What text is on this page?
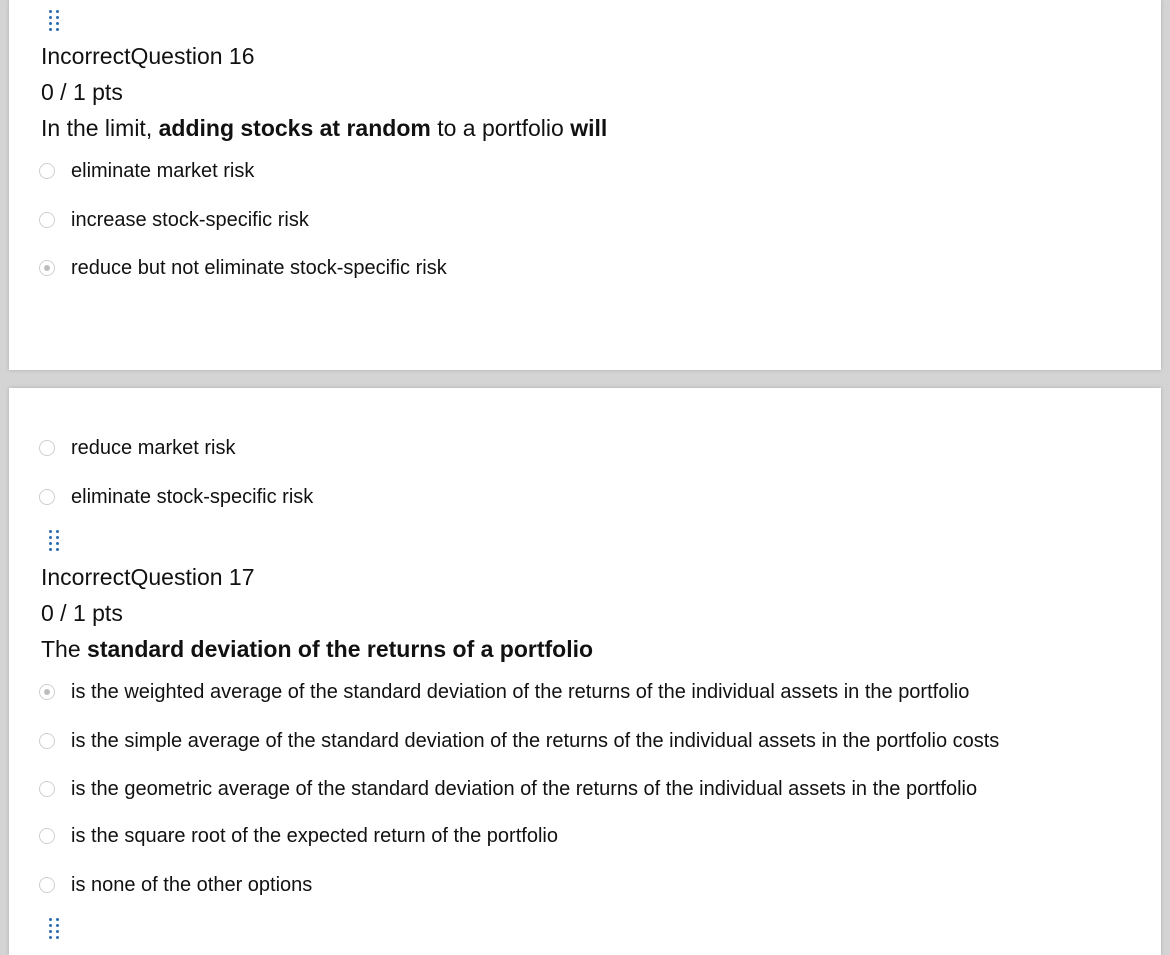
IncorrectQuestion 16
0 / 1 pts
In the limit, adding stocks at random to a portfolio will
eliminate market risk
increase stock-specific risk
reduce but not eliminate stock-specific risk
reduce market risk
eliminate stock-specific risk
IncorrectQuestion 17
0 / 1 pts
The standard deviation of the returns of a portfolio
is the weighted average of the standard deviation of the returns of the individual assets in the portfolio
is the simple average of the standard deviation of the returns of the individual assets in the portfolio costs
is the geometric average of the standard deviation of the returns of the individual assets in the portfolio
is the square root of the expected return of the portfolio
is none of the other options
